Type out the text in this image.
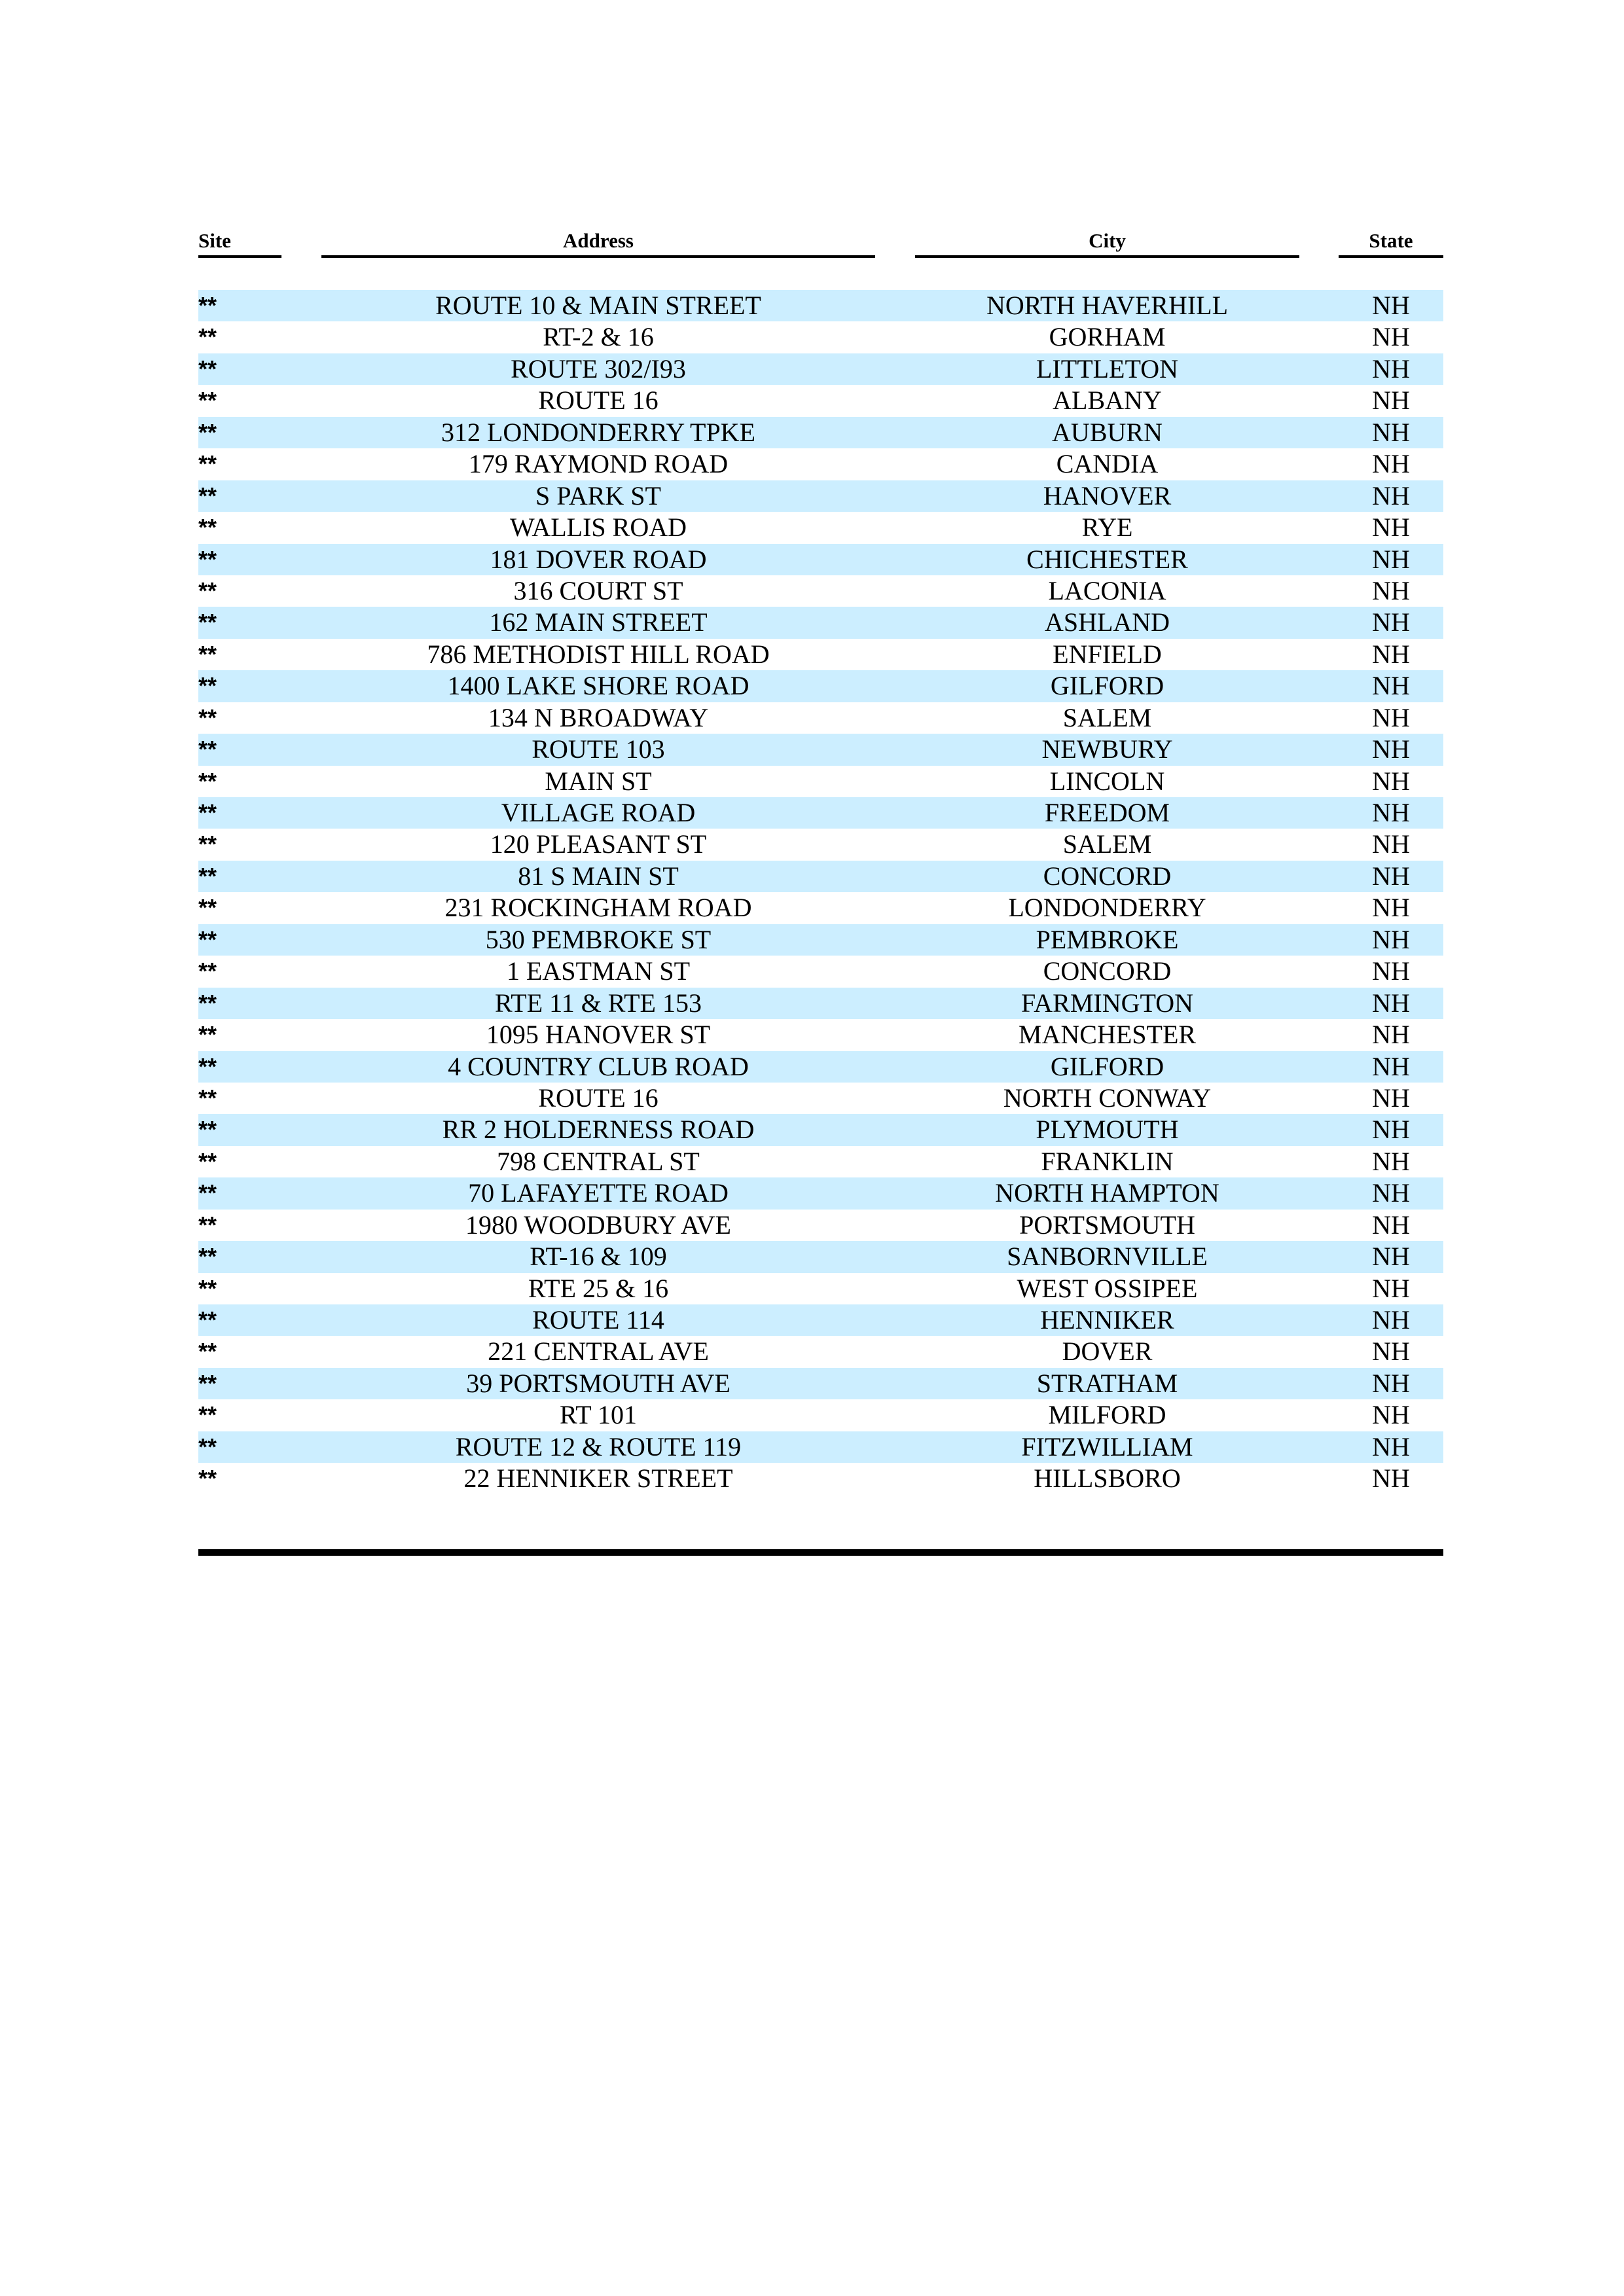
Site	Address	City	State
**	ROUTE 10 & MAIN STREET	NORTH HAVERHILL	NH
**	RT-2 & 16	GORHAM	NH
**	ROUTE 302/I93	LITTLETON	NH
**	ROUTE 16	ALBANY	NH
**	312 LONDONDERRY TPKE	AUBURN	NH
**	179 RAYMOND ROAD	CANDIA	NH
**	S PARK ST	HANOVER	NH
**	WALLIS ROAD	RYE	NH
**	181 DOVER ROAD	CHICHESTER	NH
**	316 COURT ST	LACONIA	NH
**	162 MAIN STREET	ASHLAND	NH
**	786 METHODIST HILL ROAD	ENFIELD	NH
**	1400 LAKE SHORE ROAD	GILFORD	NH
**	134 N BROADWAY	SALEM	NH
**	ROUTE 103	NEWBURY	NH
**	MAIN ST	LINCOLN	NH
**	VILLAGE ROAD	FREEDOM	NH
**	120 PLEASANT ST	SALEM	NH
**	81 S MAIN ST	CONCORD	NH
**	231 ROCKINGHAM ROAD	LONDONDERRY	NH
**	530 PEMBROKE ST	PEMBROKE	NH
**	1 EASTMAN ST	CONCORD	NH
**	RTE 11 & RTE 153	FARMINGTON	NH
**	1095 HANOVER ST	MANCHESTER	NH
**	4 COUNTRY CLUB ROAD	GILFORD	NH
**	ROUTE 16	NORTH CONWAY	NH
**	RR 2 HOLDERNESS ROAD	PLYMOUTH	NH
**	798 CENTRAL ST	FRANKLIN	NH
**	70 LAFAYETTE ROAD	NORTH HAMPTON	NH
**	1980 WOODBURY AVE	PORTSMOUTH	NH
**	RT-16 & 109	SANBORNVILLE	NH
**	RTE 25 & 16	WEST OSSIPEE	NH
**	ROUTE 114	HENNIKER	NH
**	221 CENTRAL AVE	DOVER	NH
**	39 PORTSMOUTH AVE	STRATHAM	NH
**	RT 101	MILFORD	NH
**	ROUTE 12 & ROUTE 119	FITZWILLIAM	NH
**	22 HENNIKER STREET	HILLSBORO	NH
